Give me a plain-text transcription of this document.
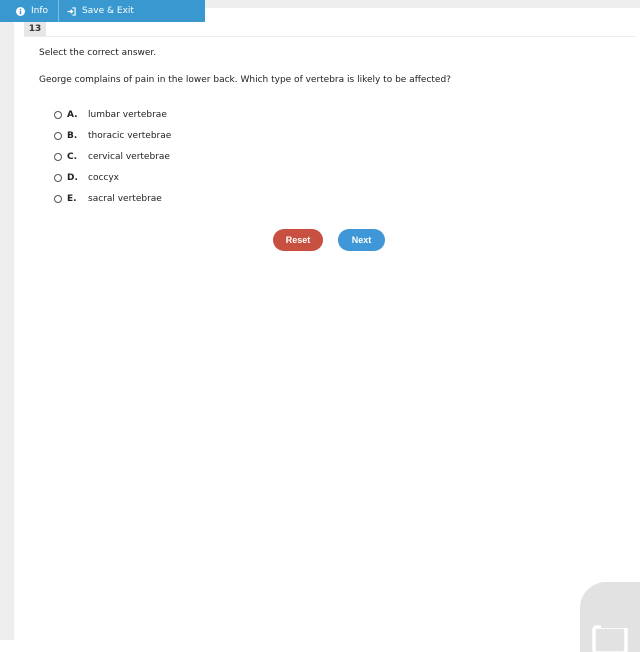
Info	Save & Exit
13
Select the correct answer.
George complains of pain in the lower back. Which type of vertebra is likely to be affected?
A. lumbar vertebrae
B. thoracic vertebrae
C. cervical vertebrae
D. coccyx
E. sacral vertebrae
Reset	Next
